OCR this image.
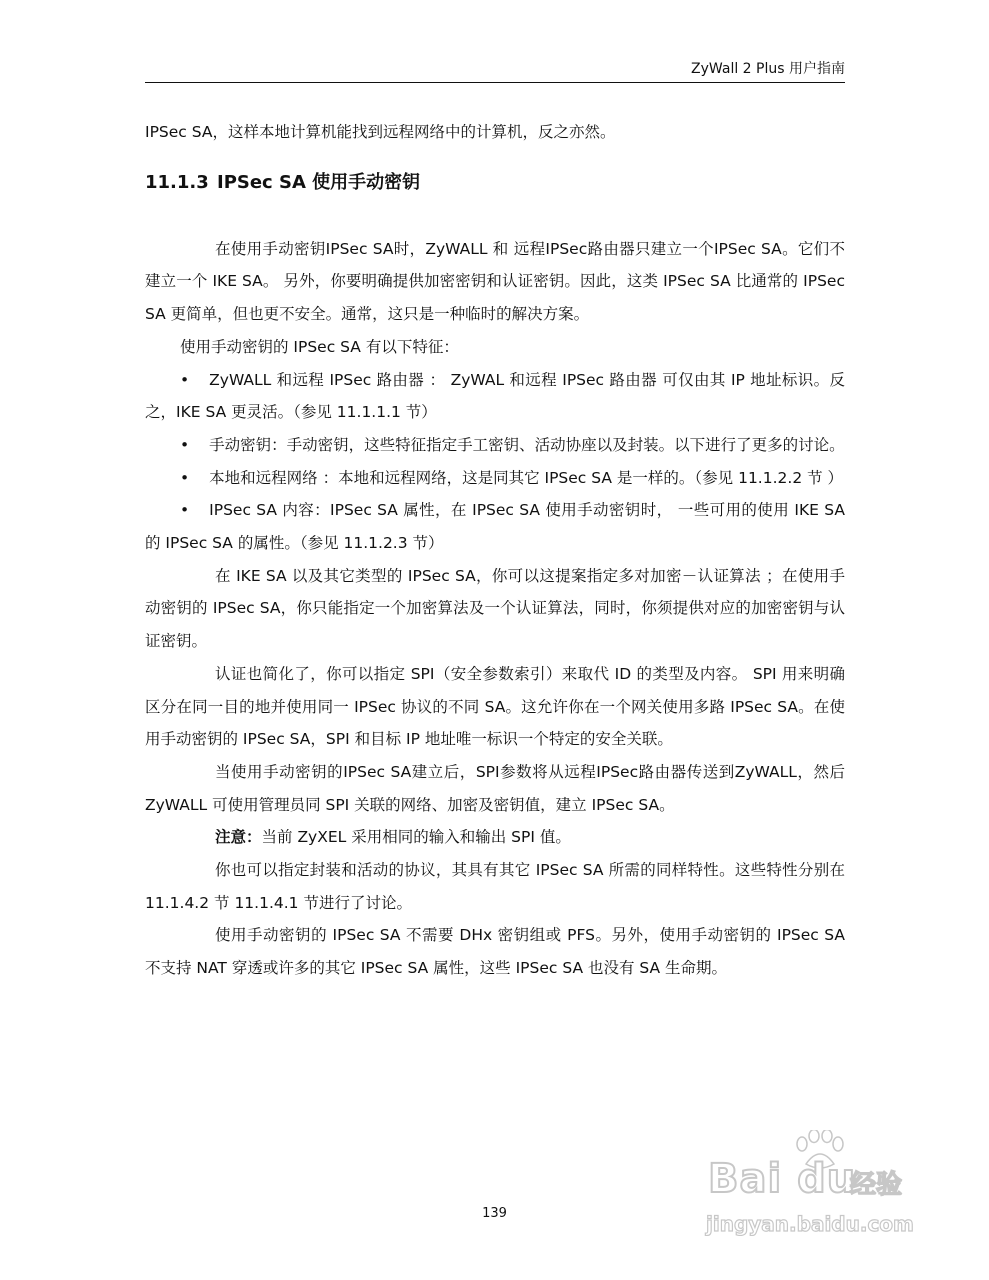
ZyWall 2 Plus 用户指南

IPSec SA，这样本地计算机能找到远程网络中的计算机，反之亦然。

11.1.3 IPSec SA 使用手动密钥

在使用手动密钥IPSec SA时，ZyWALL 和 远程IPSec路由器只建立一个IPSec SA。它们不建立一个 IKE SA。 另外，你要明确提供加密密钥和认证密钥。因此，这类 IPSec SA 比通常的 IPSec SA 更简单，但也更不安全。通常，这只是一种临时的解决方案。

使用手动密钥的 IPSec SA 有以下特征：

• ZyWALL 和远程 IPSec 路由器 ： ZyWAL 和远程 IPSec 路由器 可仅由其 IP 地址标识。反之，IKE SA 更灵活。（参见 11.1.1.1 节）

• 手动密钥：手动密钥，这些特征指定手工密钥、活动协座以及封装。以下进行了更多的讨论。

• 本地和远程网络 ：本地和远程网络，这是同其它 IPSec SA 是一样的。（参见 11.1.2.2 节 ）

• IPSec SA 内容：IPSec SA 属性，在 IPSec SA 使用手动密钥时， 一些可用的使用 IKE SA 的 IPSec SA 的属性。（参见 11.1.2.3 节）

在 IKE SA 以及其它类型的 IPSec SA，你可以这提案指定多对加密－认证算法 ；在使用手动密钥的 IPSec SA，你只能指定一个加密算法及一个认证算法，同时，你须提供对应的加密密钥与认证密钥。

认证也简化了，你可以指定 SPI（安全参数索引）来取代 ID 的类型及内容。 SPI 用来明确区分在同一目的地并使用同一 IPSec 协议的不同 SA。这允许你在一个网关使用多路 IPSec SA。在使用手动密钥的 IPSec SA，SPI 和目标 IP 地址唯一标识一个特定的安全关联。

当使用手动密钥的IPSec SA建立后，SPI参数将从远程IPSec路由器传送到ZyWALL，然后 ZyWALL 可使用管理员同 SPI 关联的网络、加密及密钥值，建立 IPSec SA。

注意：当前 ZyXEL 采用相同的输入和输出 SPI 值。

你也可以指定封装和活动的协议，其具有其它 IPSec SA 所需的同样特性。这些特性分别在 11.1.4.2 节 11.1.4.1 节进行了讨论。

使用手动密钥的 IPSec SA 不需要 DHx 密钥组或 PFS。另外，使用手动密钥的 IPSec SA 不支持 NAT 穿透或许多的其它 IPSec SA 属性，这些 IPSec SA 也没有 SA 生命期。

139
Bai du
经验
jingyan.baidu.com
